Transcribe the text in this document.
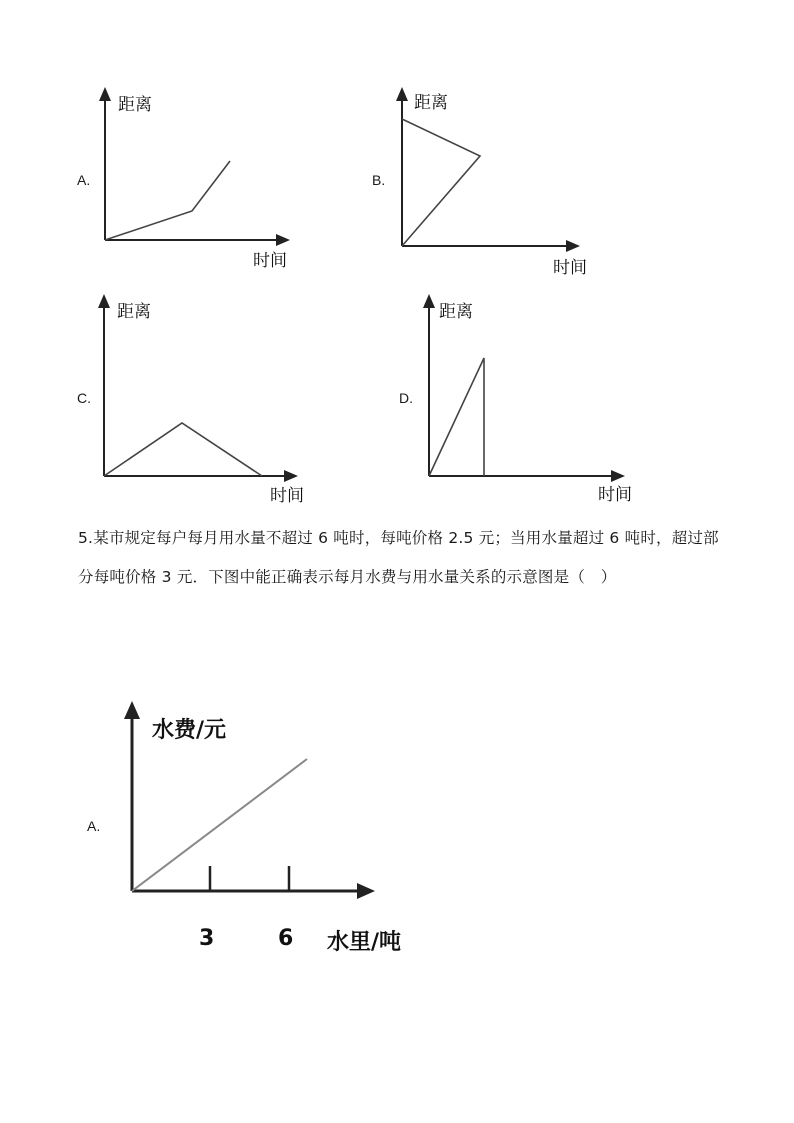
A.
距离
时间
B.
距离
时间
C.
距离
时间
D.
距离
时间
5.某市规定每户每月用水量不超过 6 吨时，每吨价格 2.5 元；当用水量超过 6 吨时，超过部分每吨价格 3 元．下图中能正确表示每月水费与用水量关系的示意图是（　）
A.
水费/元
3	6 水里/吨
